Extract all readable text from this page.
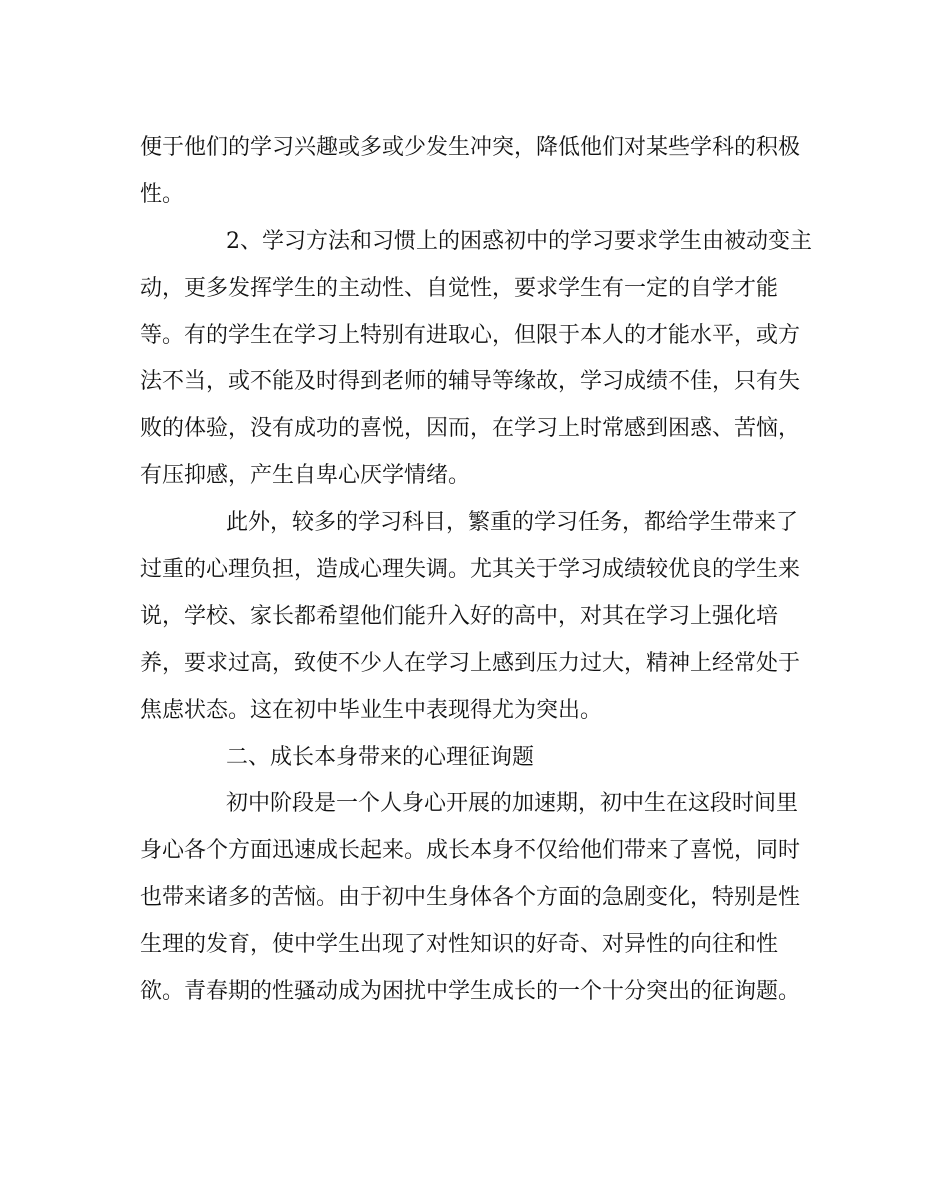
便于他们的学习兴趣或多或少发生冲突，降低他们对某些学科的积极
性。
2、学习方法和习惯上的困惑初中的学习要求学生由被动变主
动，更多发挥学生的主动性、自觉性，要求学生有一定的自学才能
等。有的学生在学习上特别有进取心，但限于本人的才能水平，或方
法不当，或不能及时得到老师的辅导等缘故，学习成绩不佳，只有失
败的体验，没有成功的喜悦，因而，在学习上时常感到困惑、苦恼，
有压抑感，产生自卑心厌学情绪。
此外，较多的学习科目，繁重的学习任务，都给学生带来了
过重的心理负担，造成心理失调。尤其关于学习成绩较优良的学生来
说，学校、家长都希望他们能升入好的高中，对其在学习上强化培
养，要求过高，致使不少人在学习上感到压力过大，精神上经常处于
焦虑状态。这在初中毕业生中表现得尤为突出。
二、成长本身带来的心理征询题
初中阶段是一个人身心开展的加速期，初中生在这段时间里
身心各个方面迅速成长起来。成长本身不仅给他们带来了喜悦，同时
也带来诸多的苦恼。由于初中生身体各个方面的急剧变化，特别是性
生理的发育，使中学生出现了对性知识的好奇、对异性的向往和性
欲。青春期的性骚动成为困扰中学生成长的一个十分突出的征询题。
